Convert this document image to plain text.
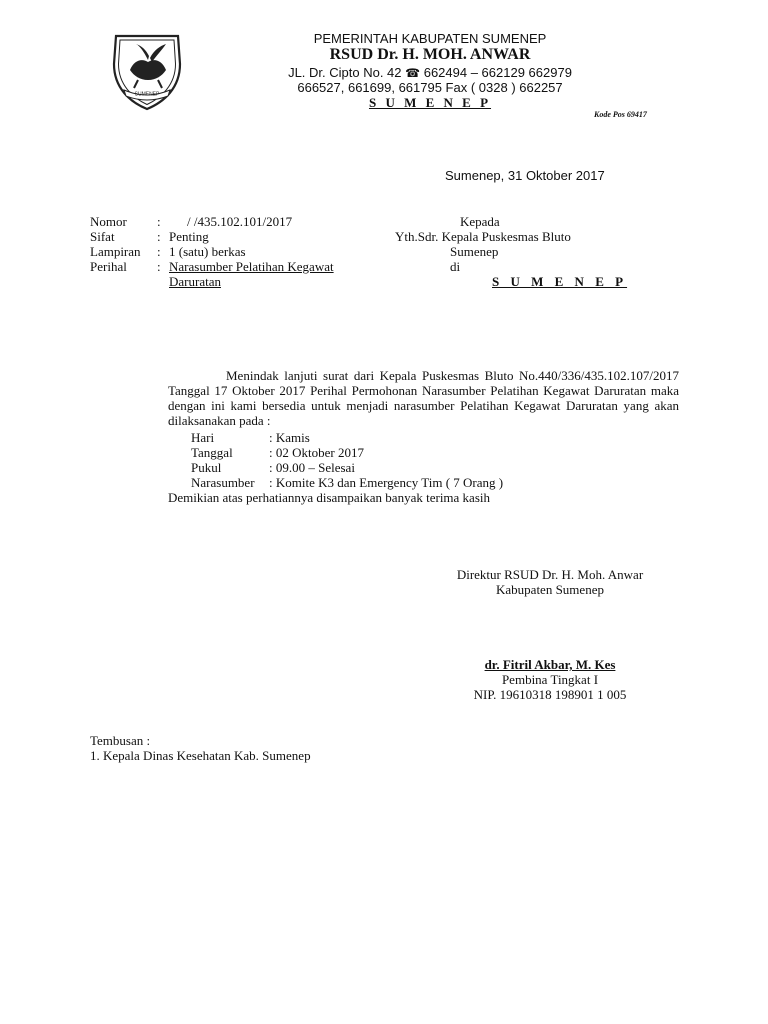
SUMENEP
PEMERINTAH KABUPATEN SUMENEP
RSUD Dr. H. MOH. ANWAR
JL. Dr. Cipto No. 42 ☎ 662494 – 662129 662979
666527, 661699, 661795 Fax ( 0328 ) 662257
S U M E N E P
Kode Pos 69417
Sumenep, 31 Oktober 2017
Nomor : / /435.102.101/2017
Sifat	: Penting
Lampiran : 1 (satu) berkas
Perihal : Narasumber Pelatihan Kegawat
Daruratan
Kepada
Yth.Sdr. Kepala Puskesmas Bluto
Sumenep
di
S U M E N E P

Menindak lanjuti surat dari Kepala Puskesmas Bluto No.440/336/435.102.107/2017 Tanggal 17 Oktober 2017 Perihal Permohonan Narasumber Pelatihan Kegawat Daruratan maka dengan ini kami bersedia untuk menjadi narasumber Pelatihan Kegawat Daruratan yang akan dilaksanakan pada :

Hari	: Kamis
Tanggal	: 02 Oktober 2017
Pukul	: 09.00 – Selesai
Narasumber : Komite K3 dan Emergency Tim ( 7 Orang )
Demikian atas perhatiannya disampaikan banyak terima kasih
Direktur RSUD Dr. H. Moh. Anwar
Kabupaten Sumenep
dr. Fitril Akbar, M. Kes
Pembina Tingkat I
NIP. 19610318 198901 1 005
Tembusan :
1. Kepala Dinas Kesehatan Kab. Sumenep
